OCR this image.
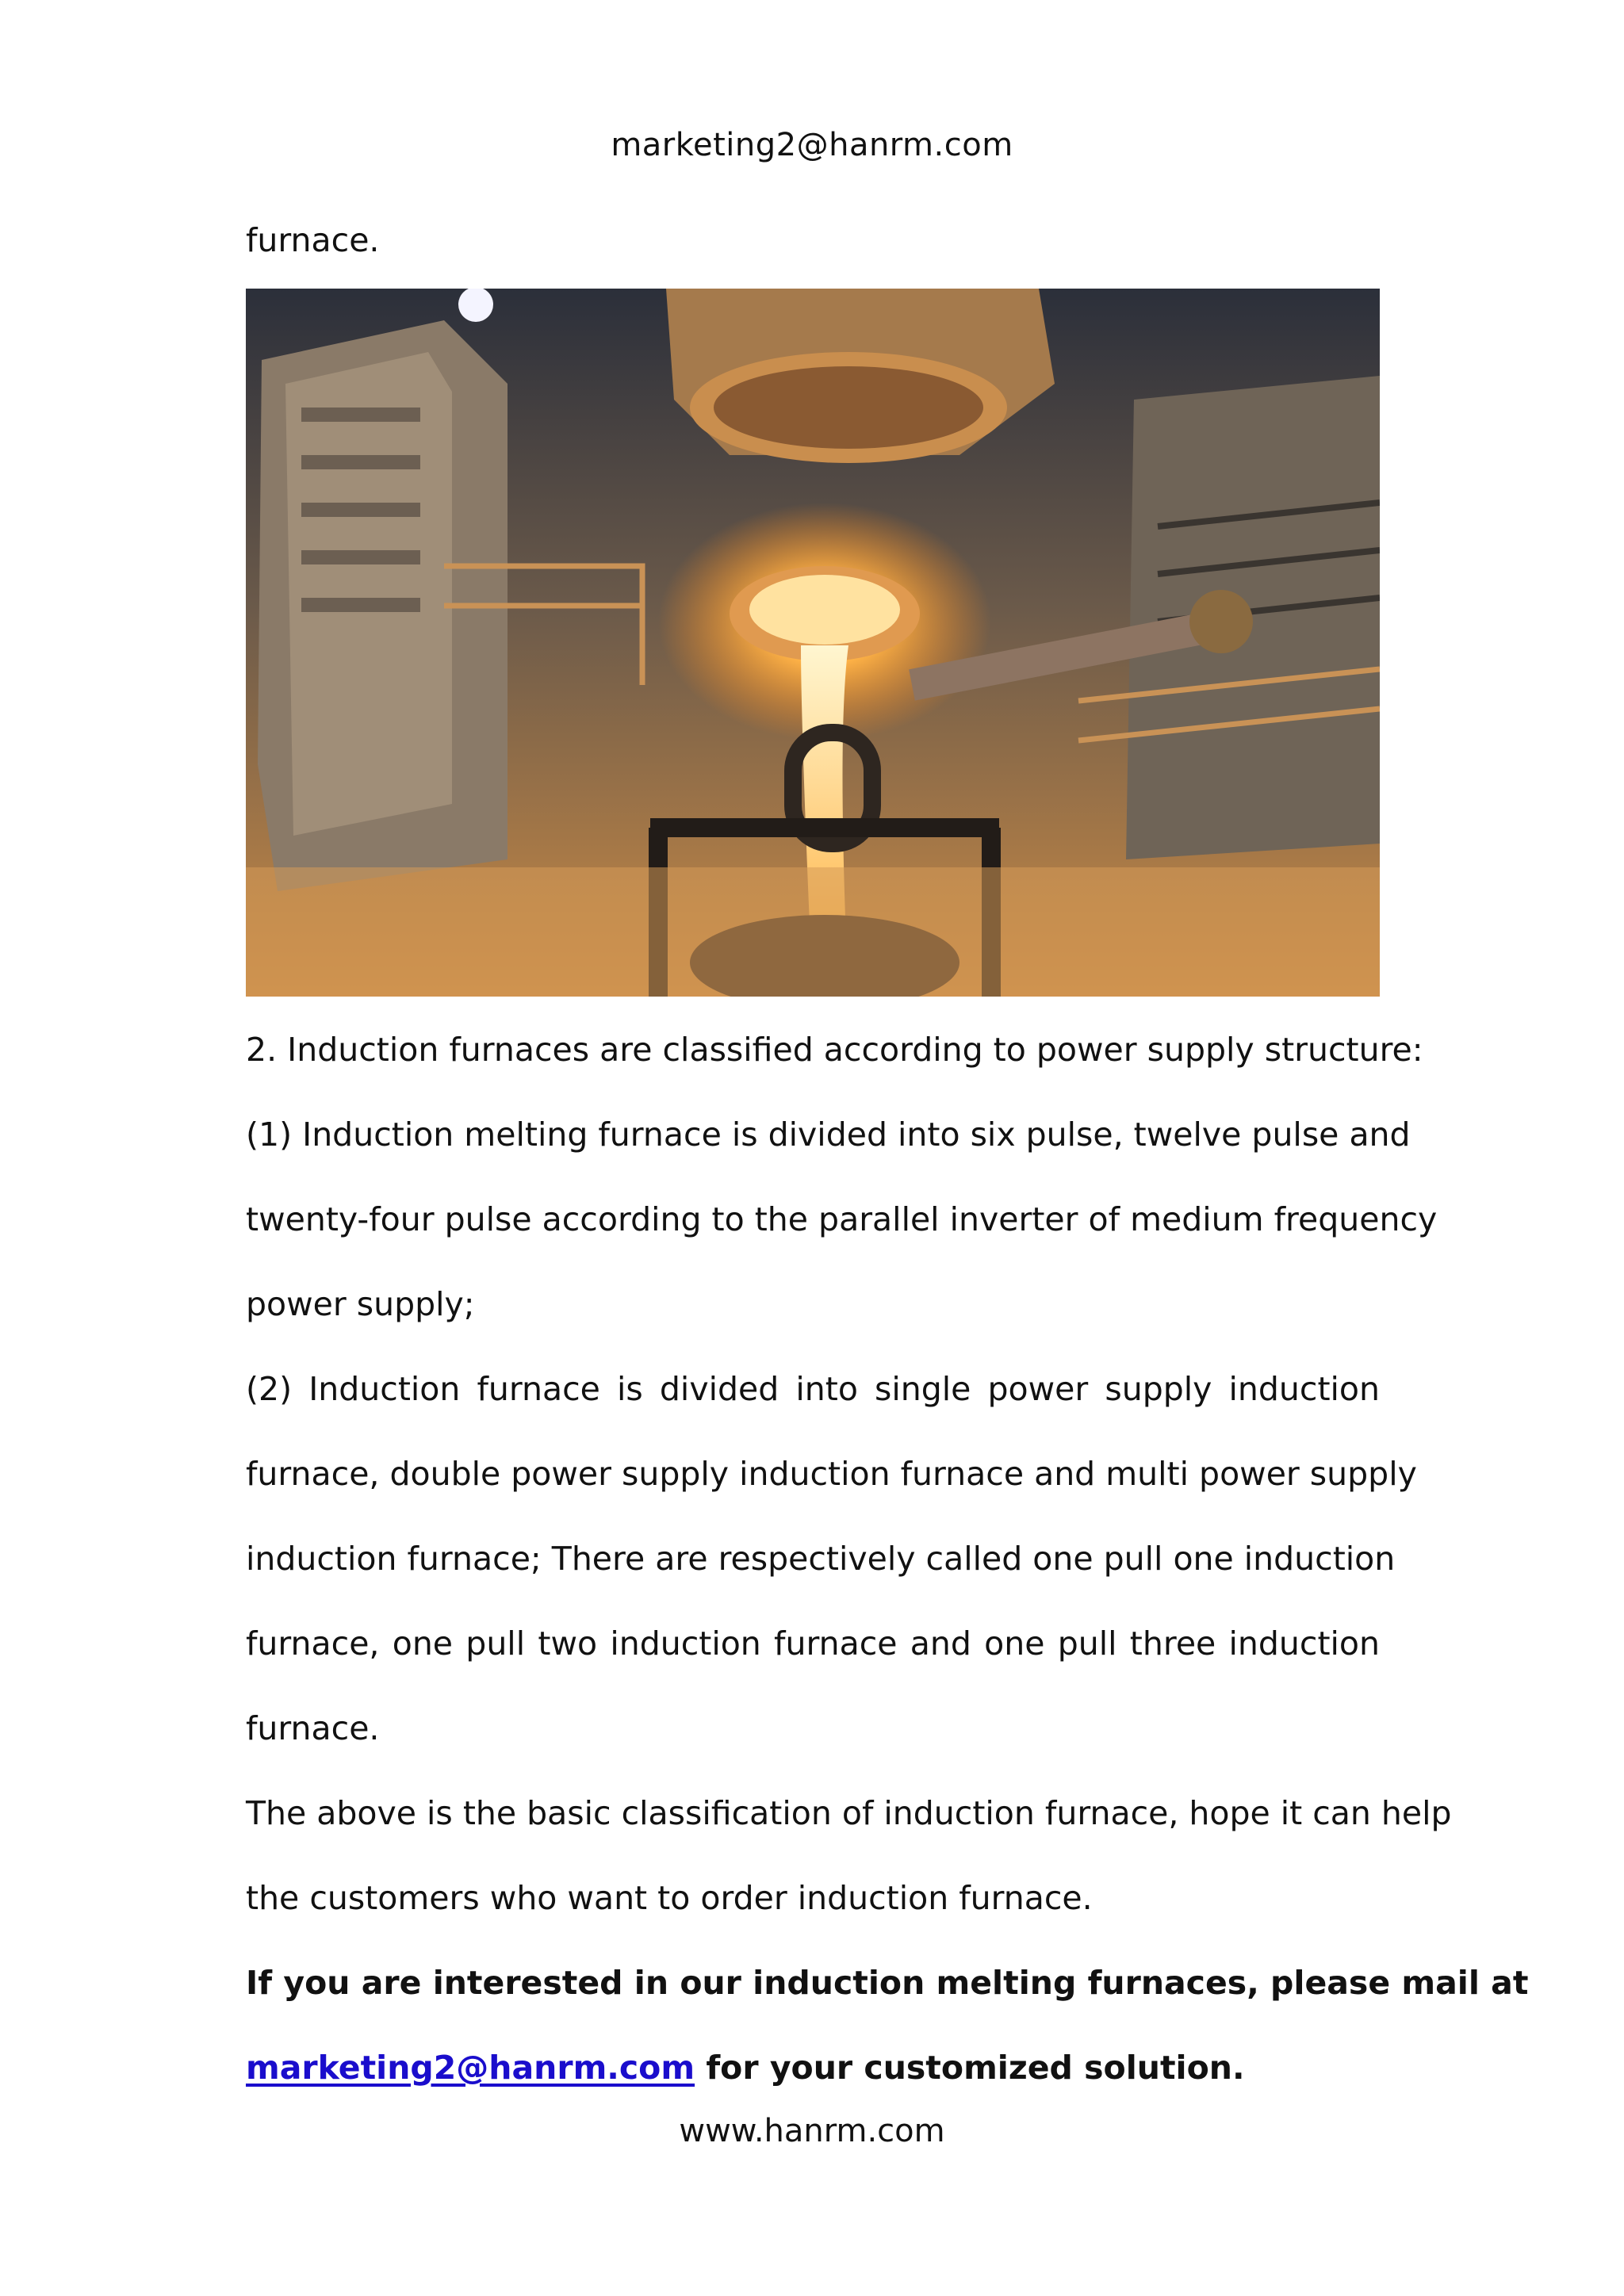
marketing2@hanrm.com
furnace.
2. Induction furnaces are classified according to power supply structure:
(1) Induction melting furnace is divided into six pulse, twelve pulse and
twenty-four pulse according to the parallel inverter of medium frequency
power supply;
(2) Induction furnace is divided into single power supply induction
furnace, double power supply induction furnace and multi power supply
induction furnace; There are respectively called one pull one induction
furnace, one pull two induction furnace and one pull three induction
furnace.
The above is the basic classification of induction furnace, hope it can help
the customers who want to order induction furnace.
If you are interested in our induction melting furnaces, please mail at
marketing2@hanrm.com for your customized solution.
www.hanrm.com
